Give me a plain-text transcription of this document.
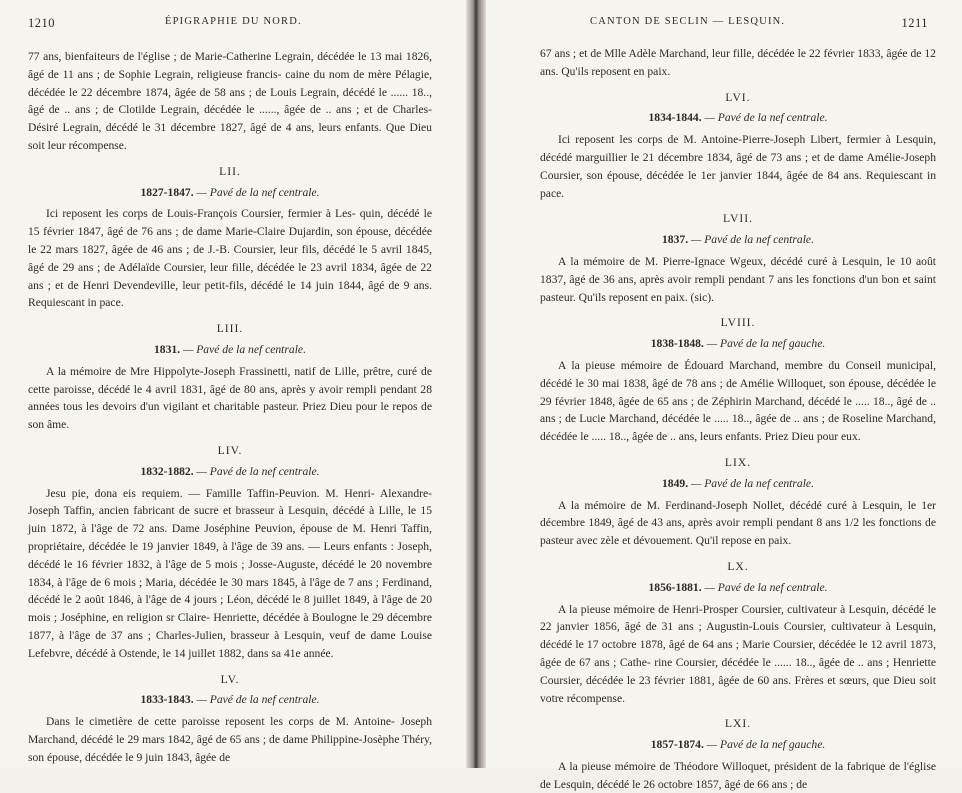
1210	ÉPIGRAPHIE DU NORD.

77 ans, bienfaiteurs de l'église ; de Marie-Catherine Legrain, décédée le 13 mai 1826, âgé de 11 ans ; de Sophie Legrain, religieuse francis- caine du nom de mère Pélagie, décédée le 22 décembre 1874, âgée de 58 ans ; de Louis Legrain, décédé le ...... 18.., âgé de .. ans ; de Clotilde Legrain, décédée le ......, âgée de .. ans ; et de Charles- Désiré Legrain, décédé le 31 décembre 1827, âgé de 4 ans, leurs enfants. Que Dieu soit leur récompense.

LII.
1827-1847. — Pavé de la nef centrale.

Ici reposent les corps de Louis-François Coursier, fermier à Les- quin, décédé le 15 février 1847, âgé de 76 ans ; de dame Marie-Claire Dujardin, son épouse, décédée le 22 mars 1827, âgée de 46 ans ; de J.-B. Coursier, leur fils, décédé le 5 avril 1845, âgé de 29 ans ; de Adélaïde Coursier, leur fille, décédée le 23 avril 1834, âgée de 22 ans ; et de Henri Devendeville, leur petit-fils, décédé le 14 juin 1844, âgé de 9 ans. Requiescant in pace.

LIII.
1831. — Pavé de la nef centrale.

A la mémoire de Mre Hippolyte-Joseph Frassinetti, natif de Lille, prêtre, curé de cette paroisse, décédé le 4 avril 1831, âgé de 80 ans, après y avoir rempli pendant 28 années tous les devoirs d'un vigilant et charitable pasteur. Priez Dieu pour le repos de son âme.

LIV.
1832-1882. — Pavé de la nef centrale.

Jesu pie, dona eis requiem. — Famille Taffin-Peuvion. M. Henri- Alexandre-Joseph Taffin, ancien fabricant de sucre et brasseur à Lesquin, décédé à Lille, le 15 juin 1872, à l'âge de 72 ans. Dame Joséphine Peuvion, épouse de M. Henri Taffin, propriétaire, décédée le 19 janvier 1849, à l'âge de 39 ans. — Leurs enfants : Joseph, décédé le 16 février 1832, à l'âge de 5 mois ; Josse-Auguste, décédé le 20 novembre 1834, à l'âge de 6 mois ; Maria, décédée le 30 mars 1845, à l'âge de 7 ans ; Ferdinand, décédé le 2 août 1846, à l'âge de 4 jours ; Léon, décédé le 8 juillet 1849, à l'âge de 20 mois ; Joséphine, en religion sr Claire- Henriette, décédée à Boulogne le 29 décembre 1877, à l'âge de 37 ans ; Charles-Julien, brasseur à Lesquin, veuf de dame Louise Lefebvre, décédé à Ostende, le 14 juillet 1882, dans sa 41e année.

LV.
1833-1843. — Pavé de la nef centrale.

Dans le cimetière de cette paroisse reposent les corps de M. Antoine- Joseph Marchand, décédé le 29 mars 1842, âgé de 65 ans ; de dame Philippine-Josèphe Théry, son épouse, décédée le 9 juin 1843, âgée de

CANTON DE SECLIN — LESQUIN.	1211

67 ans ; et de Mlle Adèle Marchand, leur fille, décédée le 22 février 1833, âgée de 12 ans. Qu'ils reposent en paix.

LVI.
1834-1844. — Pavé de la nef centrale.

Ici reposent les corps de M. Antoine-Pierre-Joseph Libert, fermier à Lesquin, décédé marguillier le 21 décembre 1834, âgé de 73 ans ; et de dame Amélie-Joseph Coursier, son épouse, décédée le 1er janvier 1844, âgée de 84 ans. Requiescant in pace.

LVII.
1837. — Pavé de la nef centrale.

A la mémoire de M. Pierre-Ignace Wgeux, décédé curé à Lesquin, le 10 août 1837, âgé de 36 ans, après avoir rempli pendant 7 ans les fonctions d'un bon et saint pasteur. Qu'ils reposent en paix. (sic).

LVIII.
1838-1848. — Pavé de la nef gauche.

A la pieuse mémoire de Édouard Marchand, membre du Conseil municipal, décédé le 30 mai 1838, âgé de 78 ans ; de Amélie Willoquet, son épouse, décédée le 29 février 1848, âgée de 65 ans ; de Zéphirin Marchand, décédé le ..... 18.., âgé de .. ans ; de Lucie Marchand, décédée le ..... 18.., âgée de .. ans ; de Roseline Marchand, décédée le ..... 18.., âgée de .. ans, leurs enfants. Priez Dieu pour eux.

LIX.
1849. — Pavé de la nef centrale.

A la mémoire de M. Ferdinand-Joseph Nollet, décédé curé à Lesquin, le 1er décembre 1849, âgé de 43 ans, après avoir rempli pendant 8 ans 1/2 les fonctions de pasteur avec zèle et dévouement. Qu'il repose en paix.

LX.
1856-1881. — Pavé de la nef centrale.

A la pieuse mémoire de Henri-Prosper Coursier, cultivateur à Lesquin, décédé le 22 janvier 1856, âgé de 31 ans ; Augustin-Louis Coursier, cultivateur à Lesquin, décédé le 17 octobre 1878, âgé de 64 ans ; Marie Coursier, décédée le 12 avril 1873, âgée de 67 ans ; Cathe- rine Coursier, décédée le ...... 18.., âgée de .. ans ; Henriette Coursier, décédée le 23 février 1881, âgée de 60 ans. Frères et sœurs, que Dieu soit votre récompense.

LXI.
1857-1874. — Pavé de la nef gauche.

A la pieuse mémoire de Théodore Willoquet, président de la fabrique de l'église de Lesquin, décédé le 26 octobre 1857, âgé de 66 ans ; de
